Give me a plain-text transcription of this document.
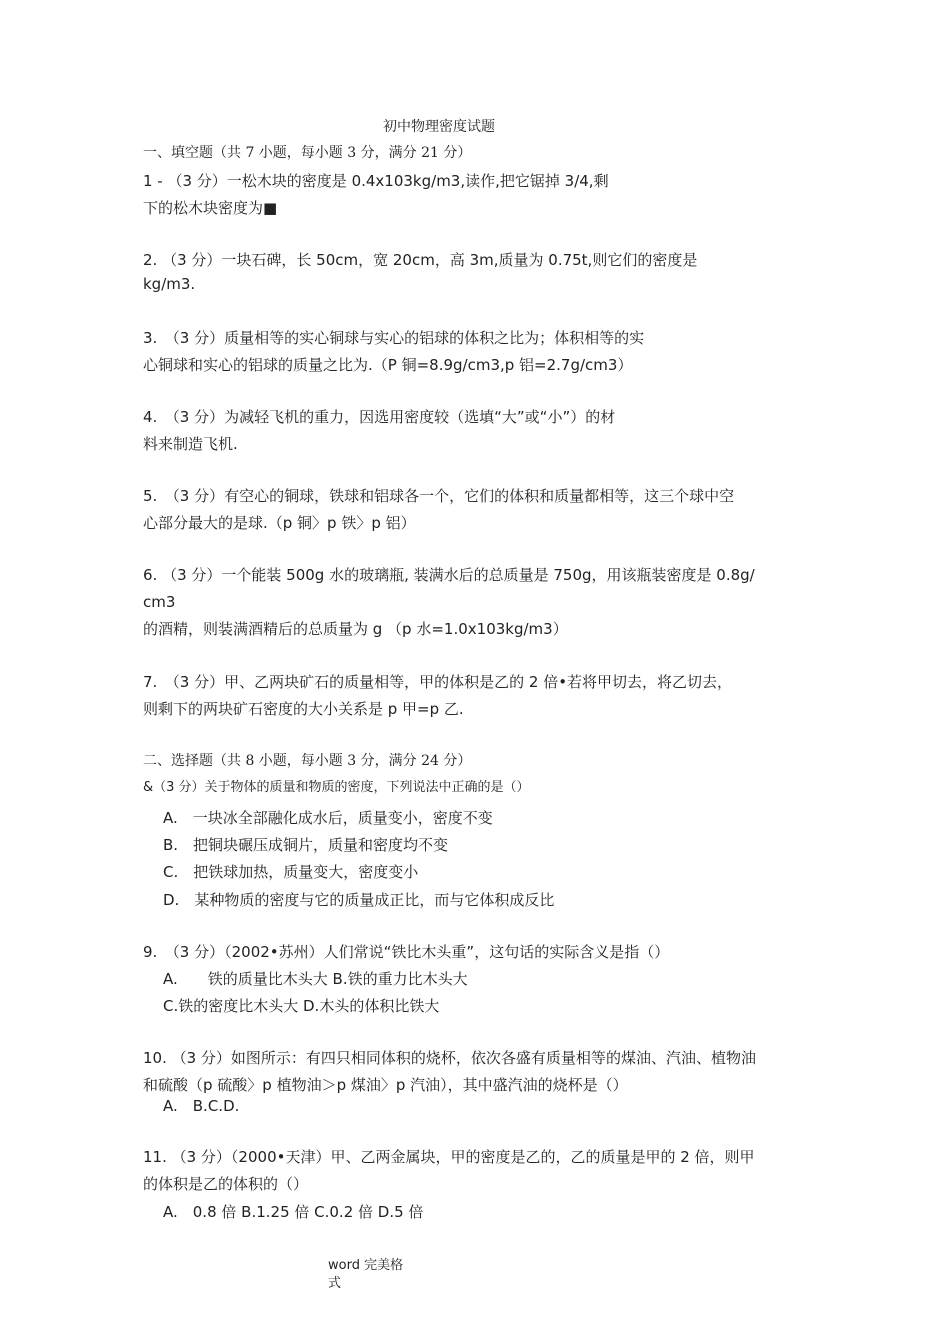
初中物理密度试题
一、填空题（共 7 小题，每小题 3 分，满分 21 分）
1 - （3 分）一松木块的密度是 0.4x103kg/m3,读作,把它锯掉 3/4,剩
下的松木块密度为■
2. （3 分）一块石碑，长 50cm，宽 20cm，高 3m,质量为 0.75t,则它们的密度是
kg/m3.
3.　（3 分）质量相等的实心铜球与实心的铝球的体积之比为；体积相等的实
心铜球和实心的铝球的质量之比为.（P 铜=8.9g/cm3,p 铝=2.7g/cm3）
4.　（3 分）为减轻飞机的重力，因选用密度较（选填“大”或“小”）的材
料来制造飞机.
5.　（3 分）有空心的铜球，铁球和铝球各一个，它们的体积和质量都相等，这三个球中空
心部分最大的是球.（p 铜〉p 铁〉p 铝）
6. （3 分）一个能装 500g 水的玻璃瓶, 装满水后的总质量是 750g，用该瓶装密度是 0.8g/
cm3
的酒精，则装满酒精后的总质量为 g （p 水=1.0x103kg/m3）
7.　（3 分）甲、乙两块矿石的质量相等，甲的体积是乙的 2 倍•若将甲切去，将乙切去，
则剩下的两块矿石密度的大小关系是 p 甲=p 乙.
二、选择题（共 8 小题，每小题 3 分，满分 24 分）
&（3 分）关于物体的质量和物质的密度，下列说法中正确的是（）
A.　一块冰全部融化成水后，质量变小，密度不变
B.　把铜块碾压成铜片，质量和密度均不变
C.　把铁球加热，质量变大，密度变小
D.　某种物质的密度与它的质量成正比，而与它体积成反比
9.　（3 分）（2002•苏州）人们常说“铁比木头重”，这句话的实际含义是指（）
A.　　铁的质量比木头大 B.铁的重力比木头大
C.铁的密度比木头大 D.木头的体积比铁大
10. （3 分）如图所示：有四只相同体积的烧杯，依次各盛有质量相等的煤油、汽油、植物油
和硫酸（p 硫酸〉p 植物油＞p 煤油〉p 汽油），其中盛汽油的烧杯是（）
A.　B.C.D.
11. （3 分）（2000•天津）甲、乙两金属块，甲的密度是乙的，乙的质量是甲的 2 倍，则甲
的体积是乙的体积的（）
A.　0.8 倍 B.1.25 倍 C.0.2 倍 D.5 倍
word 完美格
式
